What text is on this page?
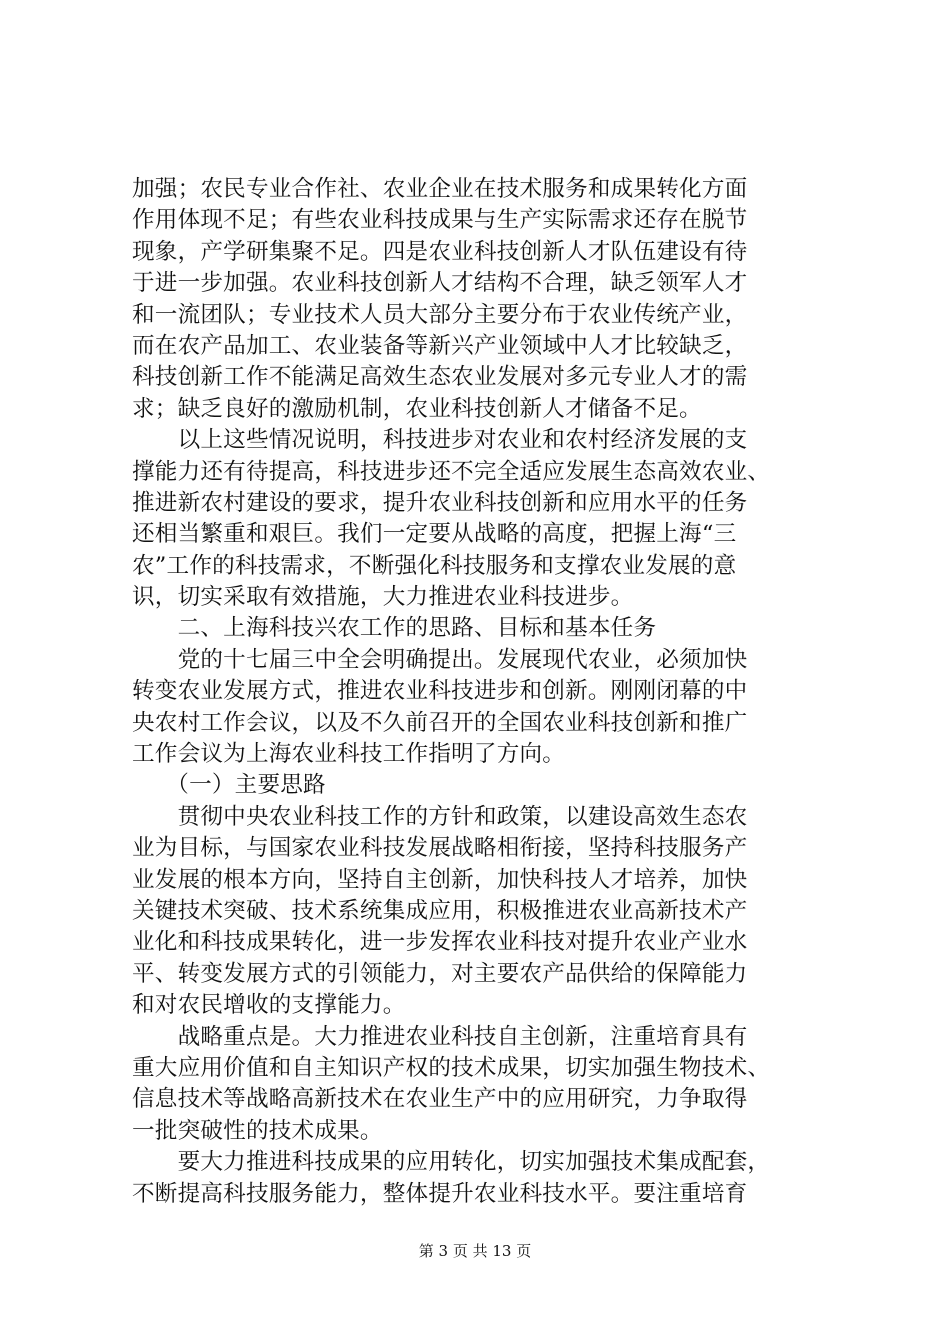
加强；农民专业合作社、农业企业在技术服务和成果转化方面
作用体现不足；有些农业科技成果与生产实际需求还存在脱节
现象，产学研集聚不足。四是农业科技创新人才队伍建设有待
于进一步加强。农业科技创新人才结构不合理，缺乏领军人才
和一流团队；专业技术人员大部分主要分布于农业传统产业，
而在农产品加工、农业装备等新兴产业领域中人才比较缺乏，
科技创新工作不能满足高效生态农业发展对多元专业人才的需
求；缺乏良好的激励机制，农业科技创新人才储备不足。
　　以上这些情况说明，科技进步对农业和农村经济发展的支
撑能力还有待提高，科技进步还不完全适应发展生态高效农业、
推进新农村建设的要求，提升农业科技创新和应用水平的任务
还相当繁重和艰巨。我们一定要从战略的高度，把握上海“三
农”工作的科技需求，不断强化科技服务和支撑农业发展的意
识，切实采取有效措施，大力推进农业科技进步。
　　二、上海科技兴农工作的思路、目标和基本任务
　　党的十七届三中全会明确提出。发展现代农业，必须加快
转变农业发展方式，推进农业科技进步和创新。刚刚闭幕的中
央农村工作会议，以及不久前召开的全国农业科技创新和推广
工作会议为上海农业科技工作指明了方向。
　　（一）主要思路
　　贯彻中央农业科技工作的方针和政策，以建设高效生态农
业为目标，与国家农业科技发展战略相衔接，坚持科技服务产
业发展的根本方向，坚持自主创新，加快科技人才培养，加快
关键技术突破、技术系统集成应用，积极推进农业高新技术产
业化和科技成果转化，进一步发挥农业科技对提升农业产业水
平、转变发展方式的引领能力，对主要农产品供给的保障能力
和对农民增收的支撑能力。
　　战略重点是。大力推进农业科技自主创新，注重培育具有
重大应用价值和自主知识产权的技术成果，切实加强生物技术、
信息技术等战略高新技术在农业生产中的应用研究，力争取得
一批突破性的技术成果。
　　要大力推进科技成果的应用转化，切实加强技术集成配套，
不断提高科技服务能力，整体提升农业科技水平。要注重培育
第 3 页 共 13 页
